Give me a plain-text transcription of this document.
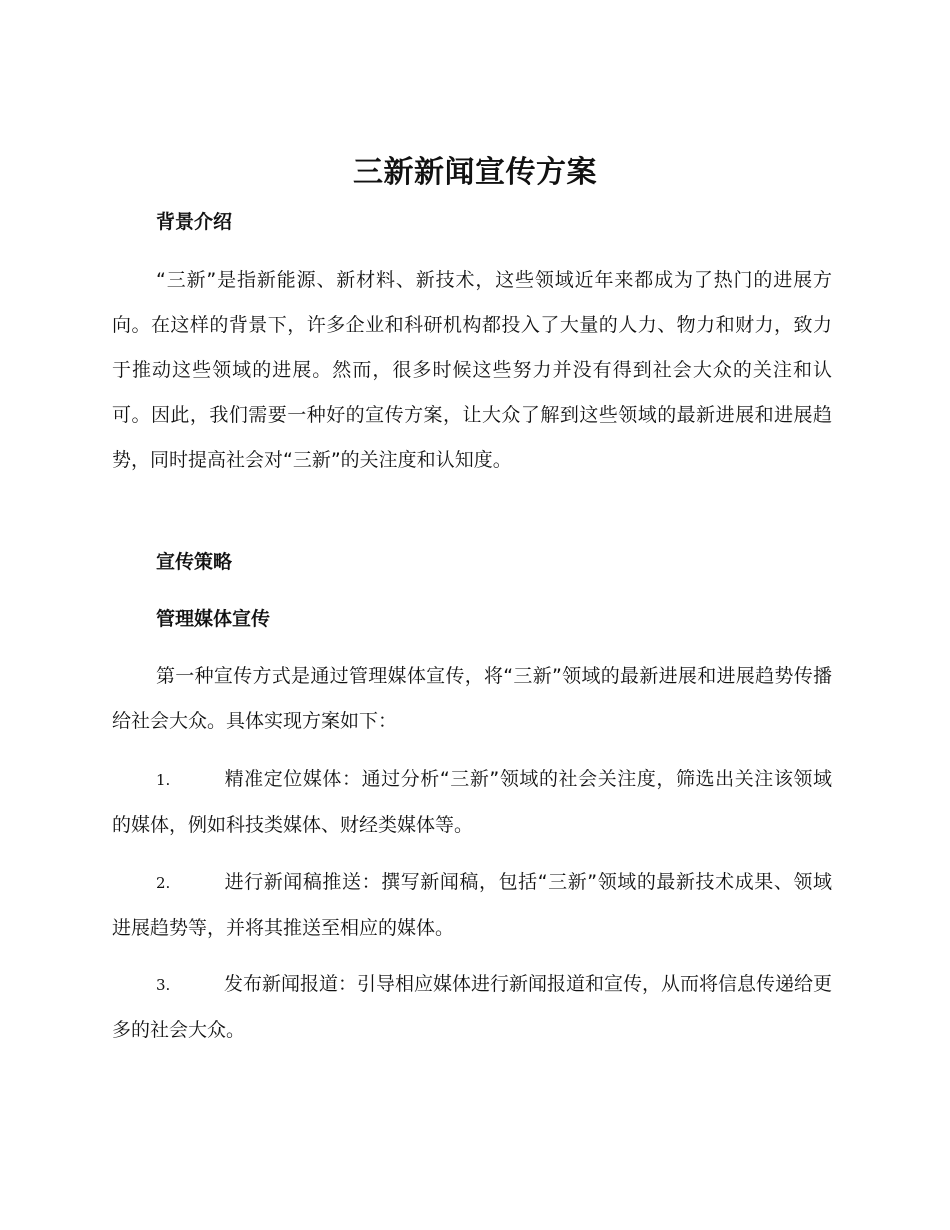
三新新闻宣传方案
背景介绍
“三新”是指新能源、新材料、新技术，这些领域近年来都成为了热门的进展方向。在这样的背景下，许多企业和科研机构都投入了大量的人力、物力和财力，致力于推动这些领域的进展。然而，很多时候这些努力并没有得到社会大众的关注和认可。因此，我们需要一种好的宣传方案，让大众了解到这些领域的最新进展和进展趋势，同时提高社会对“三新”的关注度和认知度。
宣传策略
管理媒体宣传
第一种宣传方式是通过管理媒体宣传，将“三新”领域的最新进展和进展趋势传播给社会大众。具体实现方案如下：
1.	精准定位媒体：通过分析“三新”领域的社会关注度，筛选出关注该领域的媒体，例如科技类媒体、财经类媒体等。
2.	进行新闻稿推送：撰写新闻稿，包括“三新”领域的最新技术成果、领域进展趋势等，并将其推送至相应的媒体。
3.	发布新闻报道：引导相应媒体进行新闻报道和宣传，从而将信息传递给更多的社会大众。
